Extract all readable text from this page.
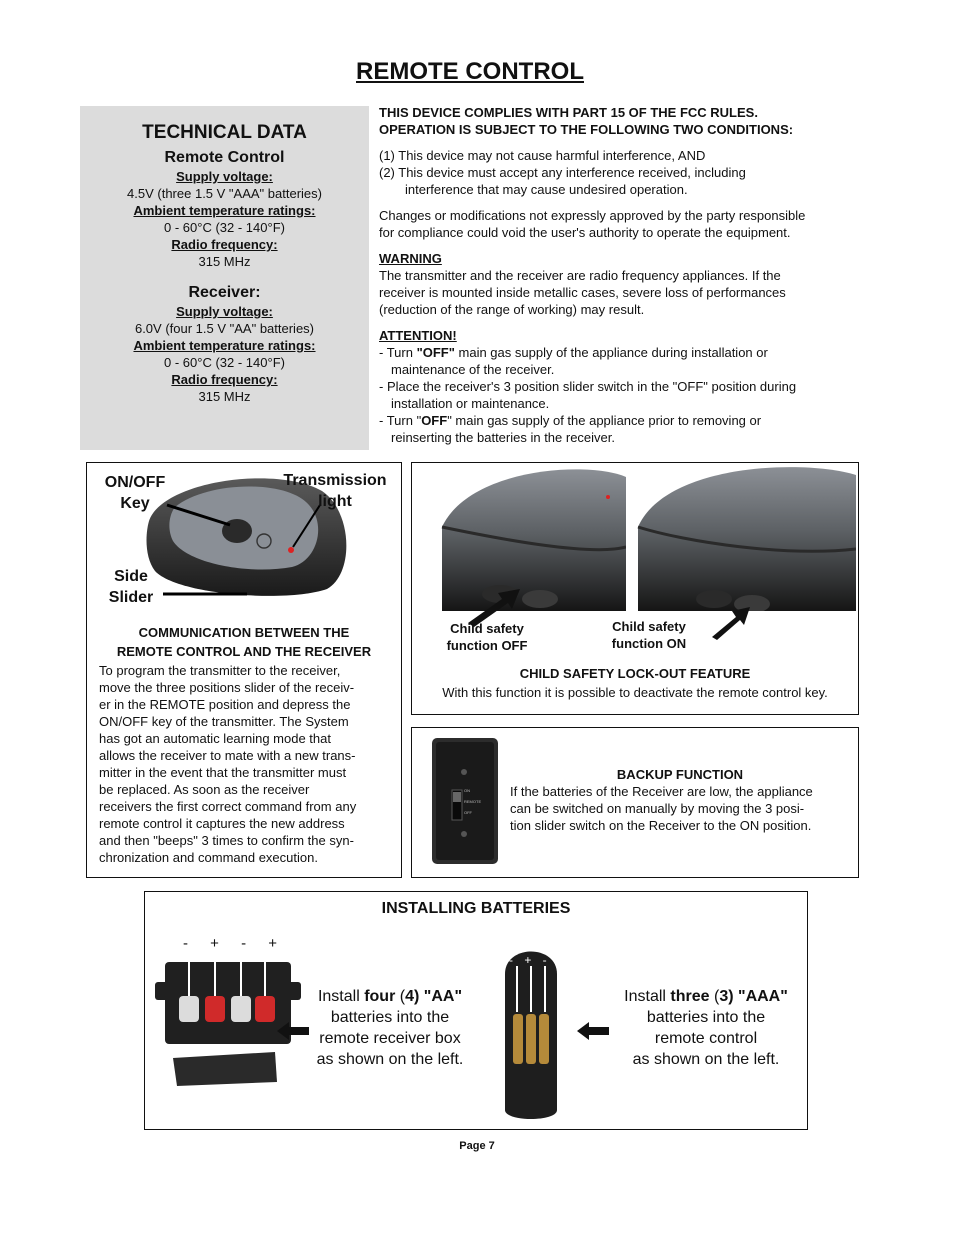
REMOTE CONTROL
TECHNICAL DATA
Remote Control
Supply voltage:
4.5V (three 1.5 V "AAA" batteries)
Ambient temperature ratings:
0 - 60°C (32 - 140°F)
Radio frequency:
315 MHz
Receiver:
Supply voltage:
6.0V (four 1.5 V "AA" batteries)
Ambient temperature ratings:
0 - 60°C (32 - 140°F)
Radio frequency:
315 MHz

THIS DEVICE COMPLIES WITH PART 15 OF THE FCC RULES.

OPERATION IS SUBJECT TO THE FOLLOWING TWO CONDITIONS:

(1) This device may not cause harmful interference, AND

(2) This device must accept any interference received, including

interference that may cause undesired operation.

Changes or modifications not expressly approved by the party responsible

for compliance could void the user's authority to operate the equipment.

WARNING

The transmitter and the receiver are radio frequency appliances. If the

receiver is mounted inside metallic cases, severe loss of performances

(reduction of the range of working) may result.

ATTENTION!

- Turn "OFF" main gas supply of the appliance during installation or

maintenance of the receiver.

- Place the receiver's 3 position slider switch in the "OFF" position during

installation or maintenance.

- Turn "OFF" main gas supply of the appliance prior to removing or

reinserting the batteries in the receiver.

ON/OFF
Key
Transmission
light
Side
Slider
COMMUNICATION BETWEEN THE
REMOTE CONTROL AND THE RECEIVER
To program the transmitter to the receiver,
move the three positions slider of the receiv-
er in the REMOTE position and depress the
ON/OFF key of the transmitter. The System
has got an automatic learning mode that
allows the receiver to mate with a new trans-
mitter in the event that the transmitter must
be replaced. As soon as the receiver
receivers the first correct command from any
remote control it captures the new address
and then "beeps" 3 times to confirm the syn-
chronization and command execution.
Child safety
function OFF
Child safety
function ON
CHILD SAFETY LOCK-OUT FEATURE
With this function it is possible to deactivate the remote control key.
ON
REMOTE
OFF
BACKUP FUNCTION
If the batteries of the Receiver are low, the appliance
can be switched on manually by moving the 3 posi-
tion slider switch on the Receiver to the ON position.
INSTALLING BATTERIES
- + - +
Install four (4) "AA"
batteries into the
remote receiver box
as shown on the left.
- + -
Install three (3) "AAA"
batteries into the
remote control
as shown on the left.
Page 7
